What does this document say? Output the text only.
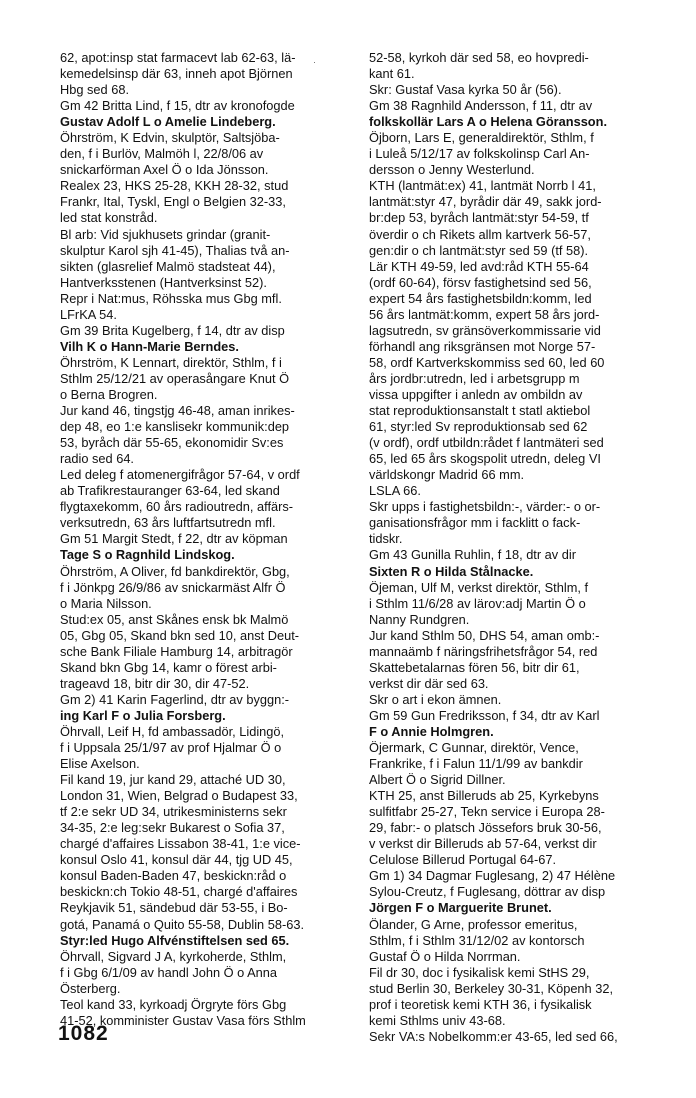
62, apot:insp stat farmacevt lab 62-63, lä-
kemedelsinsp där 63, inneh apot Björnen
Hbg sed 68.
Gm 42 Britta Lind, f 15, dtr av kronofogde
Gustav Adolf L o Amelie Lindeberg.
Öhrström, K Edvin, skulptör, Saltsjöba-
den, f i Burlöv, Malmöh l, 22/8/06 av
snickarförman Axel Ö o Ida Jönsson.
Realex 23, HKS 25-28, KKH 28-32, stud
Frankr, Ital, Tyskl, Engl o Belgien 32-33,
led stat konstråd.
Bl arb: Vid sjukhusets grindar (granit-
skulptur Karol sjh 41-45), Thalias två an-
sikten (glasrelief Malmö stadsteat 44),
Hantverksstenen (Hantverksinst 52).
Repr i Nat:mus, Röhsska mus Gbg mfl.
LFrKA 54.
Gm 39 Brita Kugelberg, f 14, dtr av disp
Vilh K o Hann-Marie Berndes.
Öhrström, K Lennart, direktör, Sthlm, f i
Sthlm 25/12/21 av operasångare Knut Ö
o Berna Brogren.
Jur kand 46, tingstjg 46-48, aman inrikes-
dep 48, eo 1:e kanslisekr kommunik:dep
53, byråch där 55-65, ekonomidir Sv:es
radio sed 64.
Led deleg f atomenergifrågor 57-64, v ordf
ab Trafikrestauranger 63-64, led skand
flygtaxekomm, 60 års radioutredn, affärs-
verksutredn, 63 års luftfartsutredn mfl.
Gm 51 Margit Stedt, f 22, dtr av köpman
Tage S o Ragnhild Lindskog.
Öhrström, A Oliver, fd bankdirektör, Gbg,
f i Jönkpg 26/9/86 av snickarmäst Alfr Ö
o Maria Nilsson.
Stud:ex 05, anst Skånes ensk bk Malmö
05, Gbg 05, Skand bkn sed 10, anst Deut-
sche Bank Filiale Hamburg 14, arbitragör
Skand bkn Gbg 14, kamr o förest arbi-
trageavd 18, bitr dir 30, dir 47-52.
Gm 2) 41 Karin Fagerlind, dtr av byggn:-
ing Karl F o Julia Forsberg.
Öhrvall, Leif H, fd ambassadör, Lidingö,
f i Uppsala 25/1/97 av prof Hjalmar Ö o
Elise Axelson.
Fil kand 19, jur kand 29, attaché UD 30,
London 31, Wien, Belgrad o Budapest 33,
tf 2:e sekr UD 34, utrikesministerns sekr
34-35, 2:e leg:sekr Bukarest o Sofia 37,
chargé d'affaires Lissabon 38-41, 1:e vice-
konsul Oslo 41, konsul där 44, tjg UD 45,
konsul Baden-Baden 47, beskickn:råd o
beskickn:ch Tokio 48-51, chargé d'affaires
Reykjavik 51, sändebud där 53-55, i Bo-
gotá, Panamá o Quito 55-58, Dublin 58-63.
Styr:led Hugo Alfvénstiftelsen sed 65.
Öhrvall, Sigvard J A, kyrkoherde, Sthlm,
f i Gbg 6/1/09 av handl John Ö o Anna
Österberg.
Teol kand 33, kyrkoadj Örgryte förs Gbg
41-52, komminister Gustav Vasa förs Sthlm
52-58, kyrkoh där sed 58, eo hovpredi-
kant 61.
Skr: Gustaf Vasa kyrka 50 år (56).
Gm 38 Ragnhild Andersson, f 11, dtr av
folkskollär Lars A o Helena Göransson.
Öjborn, Lars E, generaldirektör, Sthlm, f
i Luleå 5/12/17 av folkskolinsp Carl An-
dersson o Jenny Westerlund.
KTH (lantmät:ex) 41, lantmät Norrb l 41,
lantmät:styr 47, byrådir där 49, sakk jord-
br:dep 53, byråch lantmät:styr 54-59, tf
överdir o ch Rikets allm kartverk 56-57,
gen:dir o ch lantmät:styr sed 59 (tf 58).
Lär KTH 49-59, led avd:råd KTH 55-64
(ordf 60-64), försv fastighetsind sed 56,
expert 54 års fastighetsbildn:komm, led
56 års lantmät:komm, expert 58 års jord-
lagsutredn, sv gränsöverkommissarie vid
förhandl ang riksgränsen mot Norge 57-
58, ordf Kartverkskommiss sed 60, led 60
års jordbr:utredn, led i arbetsgrupp m
vissa uppgifter i anledn av ombildn av
stat reproduktionsanstalt t statl aktiebol
61, styr:led Sv reproduktionsab sed 62
(v ordf), ordf utbildn:rådet f lantmäteri sed
65, led 65 års skogspolit utredn, deleg VI
världskongr Madrid 66 mm.
LSLA 66.
Skr upps i fastighetsbildn:-, värder:- o or-
ganisationsfrågor mm i facklitt o fack-
tidskr.
Gm 43 Gunilla Ruhlin, f 18, dtr av dir
Sixten R o Hilda Stålnacke.
Öjeman, Ulf M, verkst direktör, Sthlm, f
i Sthlm 11/6/28 av lärov:adj Martin Ö o
Nanny Rundgren.
Jur kand Sthlm 50, DHS 54, aman omb:-
mannaämb f näringsfrihetsfrågor 54, red
Skattebetalarnas fören 56, bitr dir 61,
verkst dir där sed 63.
Skr o art i ekon ämnen.
Gm 59 Gun Fredriksson, f 34, dtr av Karl
F o Annie Holmgren.
Öjermark, C Gunnar, direktör, Vence,
Frankrike, f i Falun 11/1/99 av bankdir
Albert Ö o Sigrid Dillner.
KTH 25, anst Billeruds ab 25, Kyrkebyns
sulfitfabr 25-27, Tekn service i Europa 28-
29, fabr:- o platsch Jössefors bruk 30-56,
v verkst dir Billeruds ab 57-64, verkst dir
Celulose Billerud Portugal 64-67.
Gm 1) 34 Dagmar Fuglesang, 2) 47 Hélène
Sylou-Creutz, f Fuglesang, döttrar av disp
Jörgen F o Marguerite Brunet.
Ölander, G Arne, professor emeritus,
Sthlm, f i Sthlm 31/12/02 av kontorsch
Gustaf Ö o Hilda Norrman.
Fil dr 30, doc i fysikalisk kemi StHS 29,
stud Berlin 30, Berkeley 30-31, Köpenh 32,
prof i teoretisk kemi KTH 36, i fysikalisk
kemi Sthlms univ 43-68.
Sekr VA:s Nobelkomm:er 43-65, led sed 66,
1082
